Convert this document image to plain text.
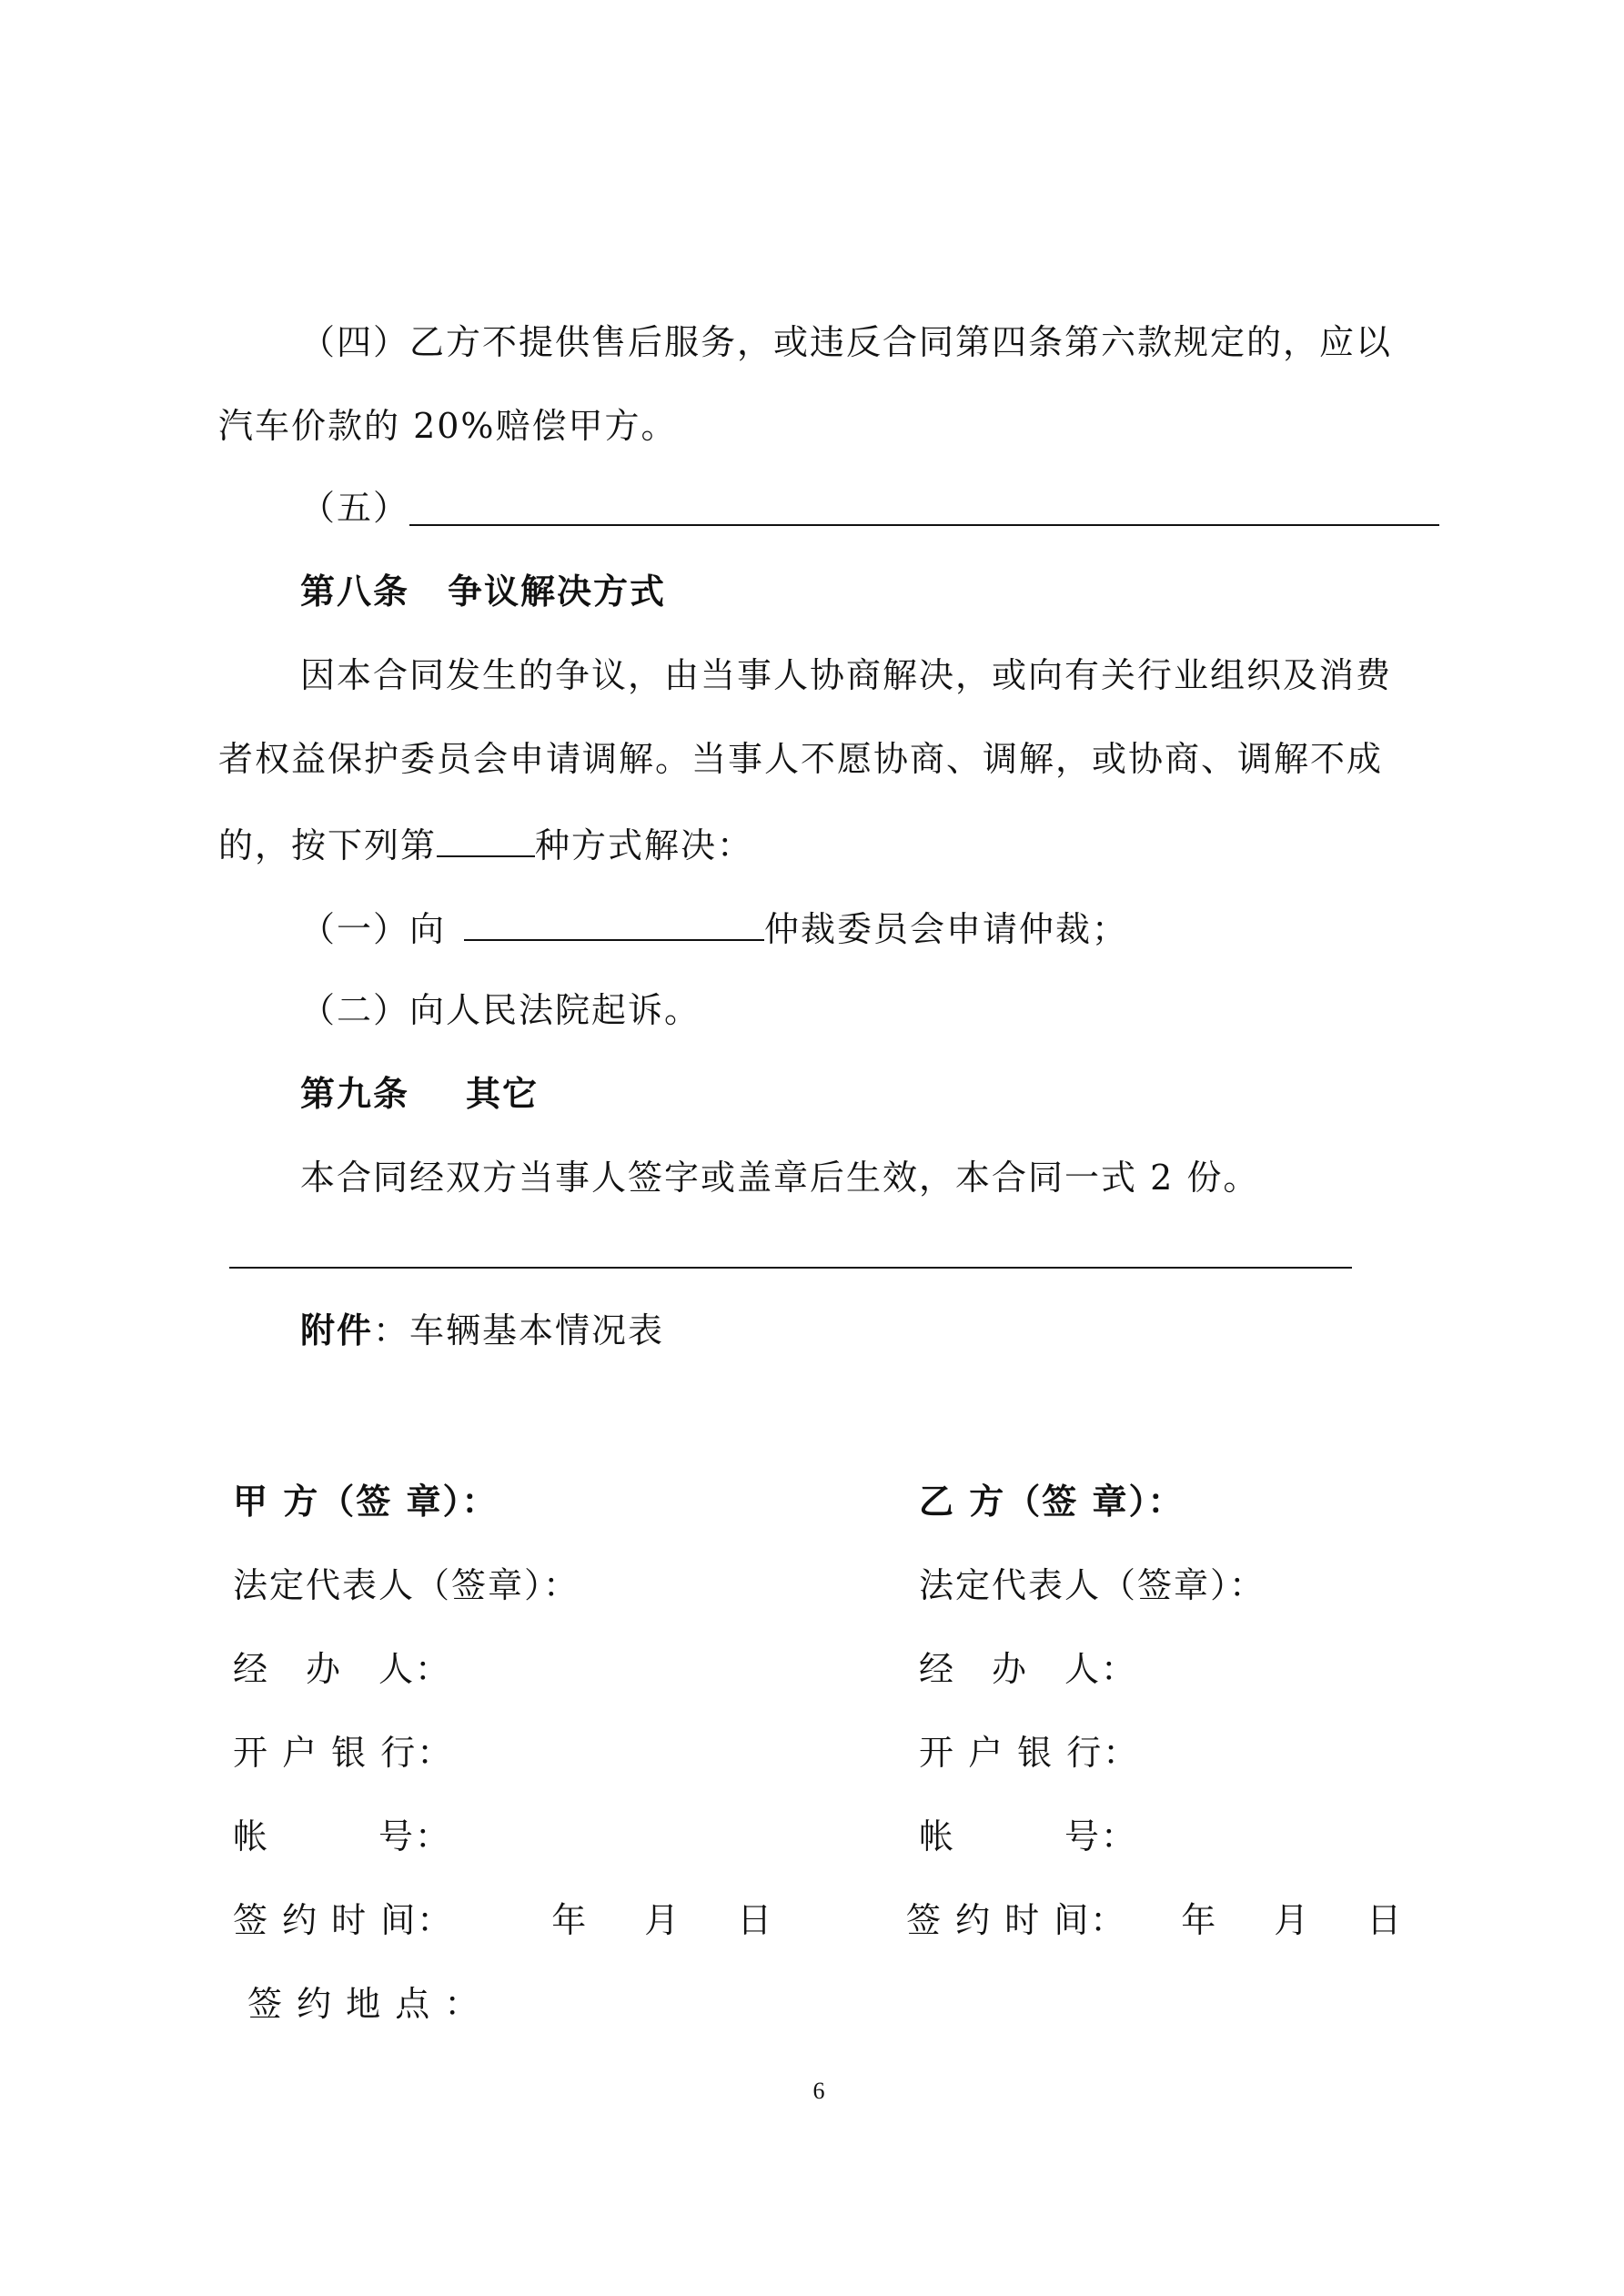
（四）乙方不提供售后服务，或违反合同第四条第六款规定的，应以
汽车价款的 20%赔偿甲方。
（五）
第八条 争议解决方式
因本合同发生的争议，由当事人协商解决，或向有关行业组织及消费
者权益保护委员会申请调解。当事人不愿协商、调解，或协商、调解不成
的，按下列第	种方式解决：
（一）向	仲裁委员会申请仲裁；
（二）向人民法院起诉。
第九条 其它
本合同经双方当事人签字或盖章后生效，本合同一式 2 份。
附件：车辆基本情况表
甲 方（签 章）：
法定代表人（签章）：
经　办　人：
开 户 银 行：
帐　　　号：
签 约 时 间：	年 月 日
签 约 地 点 ：
乙 方（签 章）：
法定代表人（签章）：
经　办　人：
开 户 银 行：
帐　　　号：
签 约 时 间： 年 月 日
6
